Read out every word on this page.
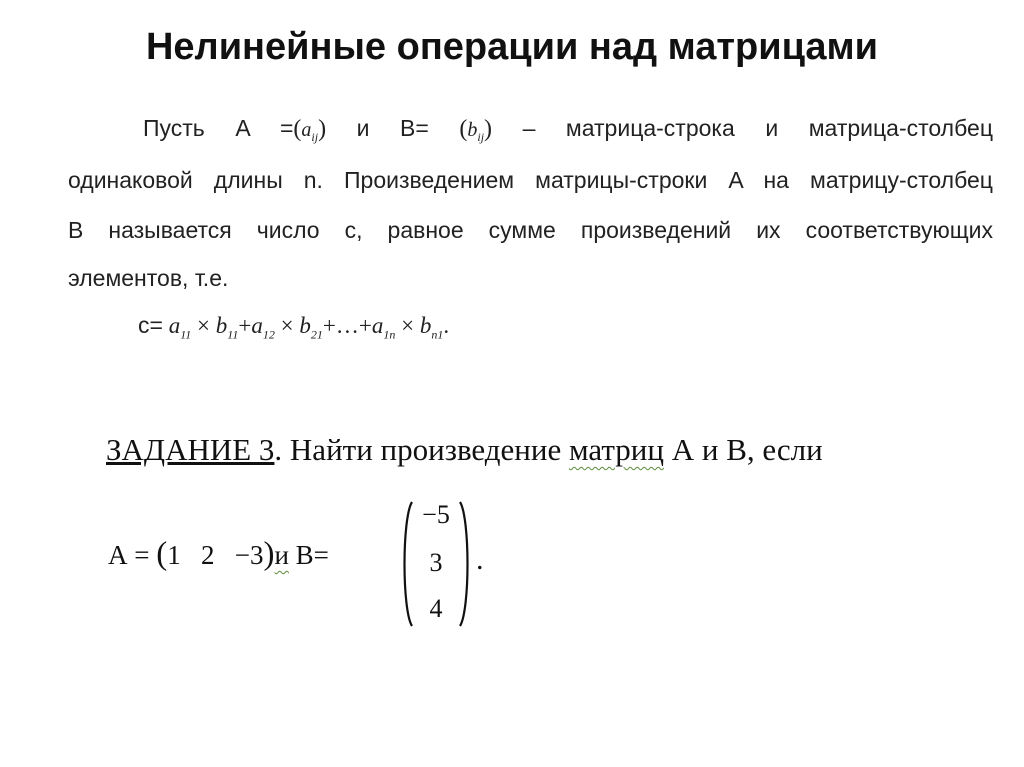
Нелинейные операции над матрицами
Пусть $A =(a_{ij})$ и $B= (b_{ij})$ – матрица-строка и матрица-столбец
одинаковой длины n. Произведением матрицы-строки A на матрицу-столбец
B называется число c, равное сумме произведений их соответствующих
элементов, т.е.
$c= a_{11} \times b_{11}+a_{12}$ × $b_{21}+\dots+a_{1n} \times b_{n1}$.
ЗАДАНИЕ 3. Найти произведение матриц А и В, если
А = (1 2 −3)и В=
−5
3
4
.
